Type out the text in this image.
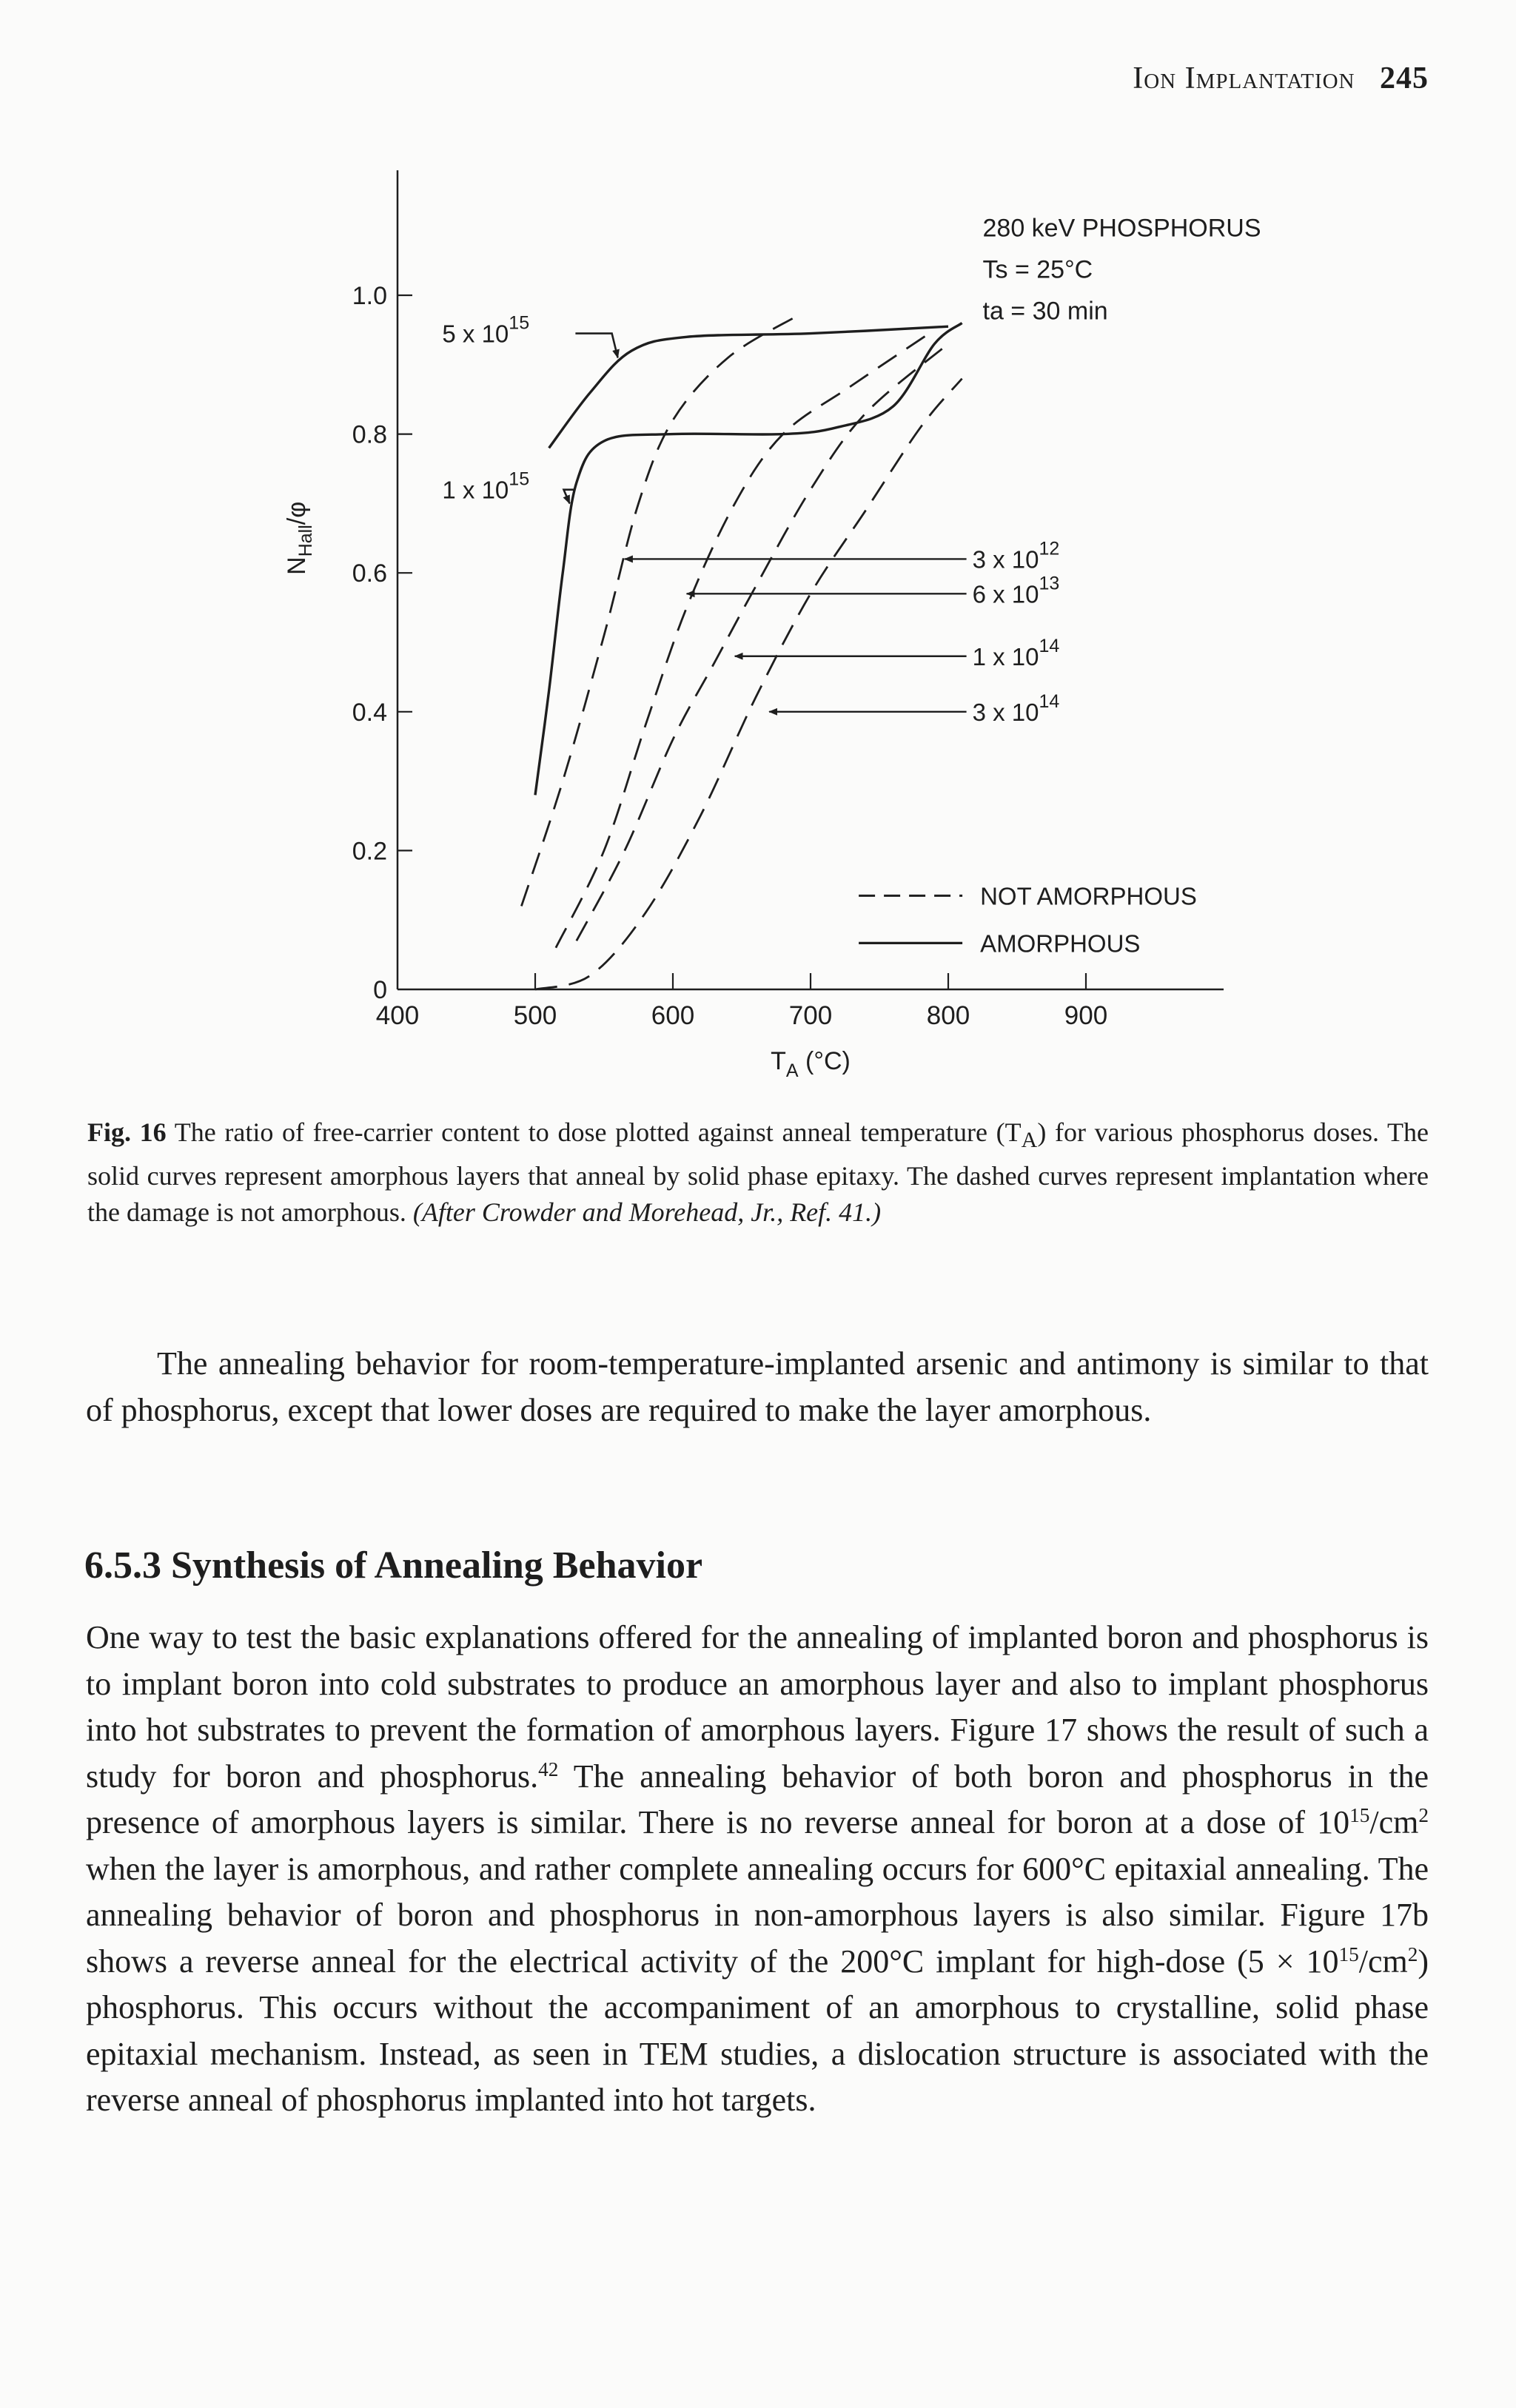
Ion Implantation 245
400	500	600	700	800	900
0
0.2
0.4
0.6
0.8
1.0
$T_A$ (°C)
$N_{Hall}/\varphi$
5 x $10^{15}$
1 x $10^{15}$
3 x $10^{12}$
6 x $10^{13}$
1 x $10^{14}$
3 x $10^{14}$
280 keV PHOSPHORUS
Ts = 25°C
ta = 30 min
NOT AMORPHOUS
AMORPHOUS
Fig. 16 The ratio of free-carrier content to dose plotted against anneal temperature $(T_A)$ for various phosphorus doses. The solid curves represent amorphous layers that anneal by solid phase epitaxy. The dashed curves represent implantation where the damage is not amorphous. (After Crowder and Morehead, Jr., Ref. 41.)

The annealing behavior for room-temperature-implanted arsenic and antimony is similar to that of phosphorus, except that lower doses are required to make the layer amorphous.

6.5.3 Synthesis of Annealing Behavior

One way to test the basic explanations offered for the annealing of implanted boron and phosphorus is to implant boron into cold substrates to produce an amorphous layer and also to implant phosphorus into hot substrates to prevent the formation of amorphous layers. Figure 17 shows the result of such a study for boron and phosphorus.$^{42}$ The annealing behavior of both boron and phosphorus in the presence of amorphous layers is similar. There is no reverse anneal for boron at a dose of $10^{15}/cm^2$ when the layer is amorphous, and rather complete annealing occurs for 600°C epitaxial annealing. The annealing behavior of boron and phosphorus in non-amorphous layers is also similar. Figure 17b shows a reverse anneal for the electrical activity of the 200°C implant for high-dose $(5 \times 10^{15}/cm^2)$ phosphorus. This occurs without the accompaniment of an amorphous to crystalline, solid phase epitaxial mechanism. Instead, as seen in TEM studies, a dislocation structure is associated with the reverse anneal of phosphorus implanted into hot targets.
